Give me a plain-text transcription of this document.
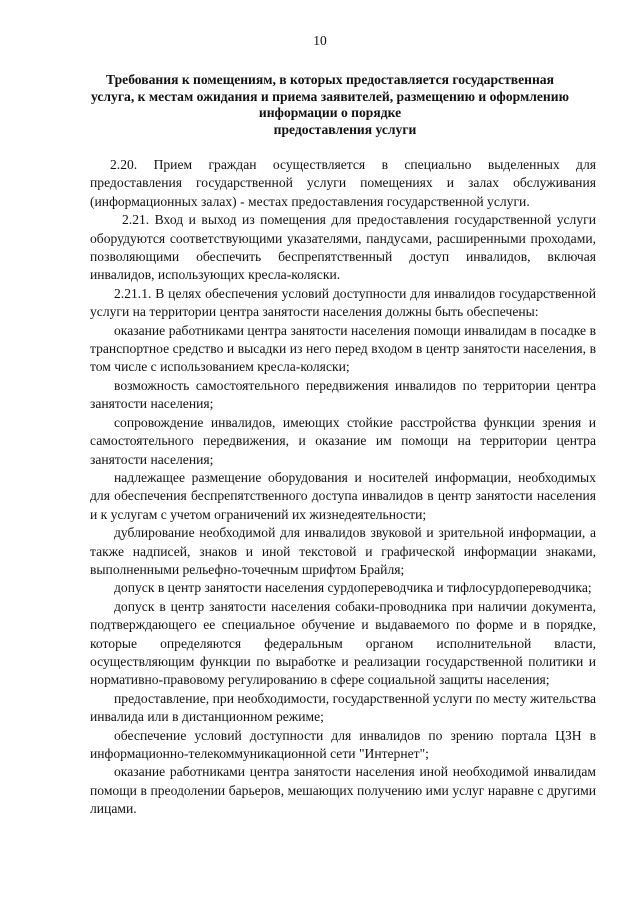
10
Требования к помещениям, в которых предоставляется государственная
услуга, к местам ожидания и приема заявителей, размещению и оформлению
информации о порядке
предоставления услуги

2.20. Прием граждан осуществляется в специально выделенных для предоставления государственной услуги помещениях и залах обслуживания (информационных залах) - местах предоставления государственной услуги.

2.21. Вход и выход из помещения для предоставления государственной услуги оборудуются соответствующими указателями, пандусами, расширенными проходами, позволяющими обеспечить беспрепятственный доступ инвалидов, включая инвалидов, использующих кресла-коляски.

2.21.1. В целях обеспечения условий доступности для инвалидов государственной услуги на территории центра занятости населения должны быть обеспечены:

оказание работниками центра занятости населения помощи инвалидам в посадке в транспортное средство и высадки из него перед входом в центр занятости населения, в том числе с использованием кресла-коляски;

возможность самостоятельного передвижения инвалидов по территории центра занятости населения;

сопровождение инвалидов, имеющих стойкие расстройства функции зрения и самостоятельного передвижения, и оказание им помощи на территории центра занятости населения;

надлежащее размещение оборудования и носителей информации, необходимых для обеспечения беспрепятственного доступа инвалидов в центр занятости населения и к услугам с учетом ограничений их жизнедеятельности;

дублирование необходимой для инвалидов звуковой и зрительной информации, а также надписей, знаков и иной текстовой и графической информации знаками, выполненными рельефно-точечным шрифтом Брайля;

допуск в центр занятости населения сурдопереводчика и тифлосурдопереводчика;

допуск в центр занятости населения собаки-проводника при наличии документа, подтверждающего ее специальное обучение и выдаваемого по форме и в порядке, которые определяются федеральным органом исполнительной власти, осуществляющим функции по выработке и реализации государственной политики и нормативно-правовому регулированию в сфере социальной защиты населения;

предоставление, при необходимости, государственной услуги по месту жительства инвалида или в дистанционном режиме;

обеспечение условий доступности для инвалидов по зрению портала ЦЗН в информационно-телекоммуникационной сети "Интернет";

оказание работниками центра занятости населения иной необходимой инвалидам помощи в преодолении барьеров, мешающих получению ими услуг наравне с другими лицами.
